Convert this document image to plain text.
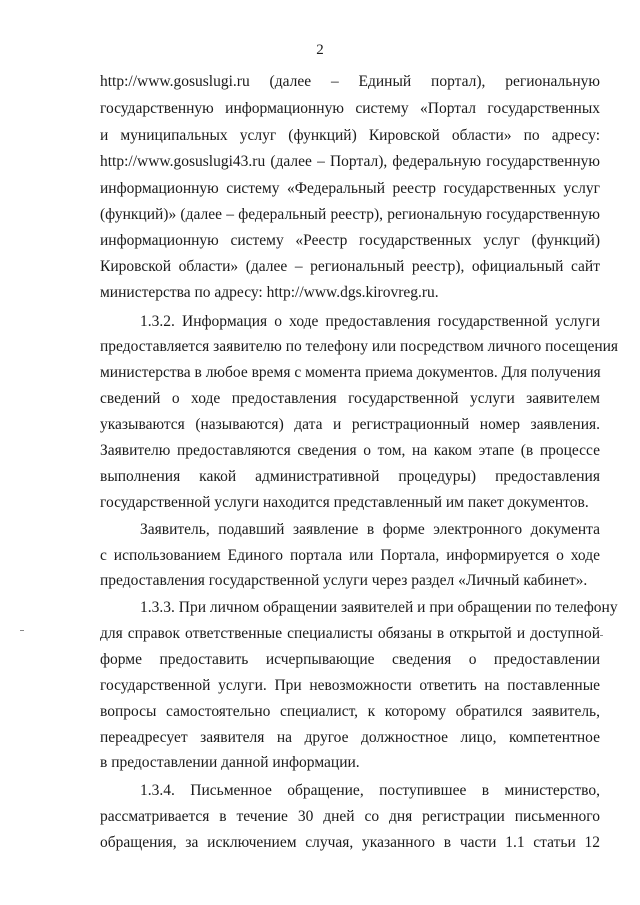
2
http://www.gosuslugi.ru (далее – Единый портал), региональную
государственную информационную систему «Портал государственных
и муниципальных услуг (функций) Кировской области» по адресу:
http://www.gosuslugi43.ru (далее – Портал), федеральную государственную
информационную систему «Федеральный реестр государственных услуг
(функций)» (далее – федеральный реестр), региональную государственную
информационную систему «Реестр государственных услуг (функций)
Кировской области» (далее – региональный реестр), официальный сайт
министерства по адресу: http://www.dgs.kirovreg.ru.
1.3.2. Информация о ходе предоставления государственной услуги
предоставляется заявителю по телефону или посредством личного посещения
министерства в любое время с момента приема документов. Для получения
сведений о ходе предоставления государственной услуги заявителем
указываются (называются) дата и регистрационный номер заявления.
Заявителю предоставляются сведения о том, на каком этапе (в процессе
выполнения какой административной процедуры) предоставления
государственной услуги находится представленный им пакет документов.
Заявитель, подавший заявление в форме электронного документа
с использованием Единого портала или Портала, информируется о ходе
предоставления государственной услуги через раздел «Личный кабинет».
1.3.3. При личном обращении заявителей и при обращении по телефону
для справок ответственные специалисты обязаны в открытой и доступной
форме предоставить исчерпывающие сведения о предоставлении
государственной услуги. При невозможности ответить на поставленные
вопросы самостоятельно специалист, к которому обратился заявитель,
переадресует заявителя на другое должностное лицо, компетентное
в предоставлении данной информации.
1.3.4. Письменное обращение, поступившее в министерство,
рассматривается в течение 30 дней со дня регистрации письменного
обращения, за исключением случая, указанного в части 1.1 статьи 12
